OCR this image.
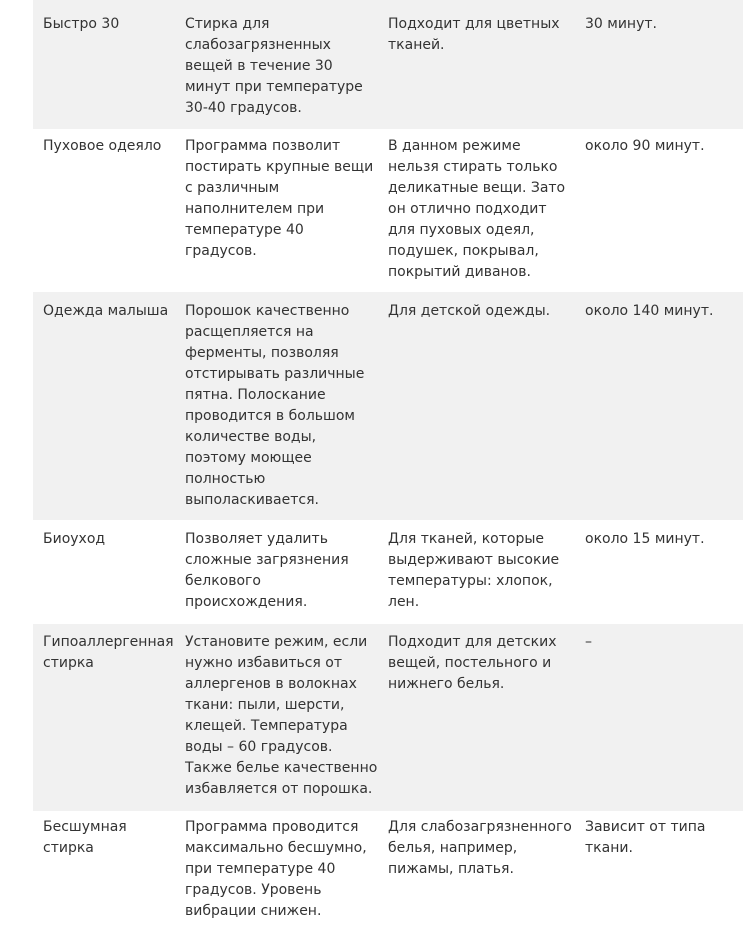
Быстро 30	Стирка для слабозагрязненных вещей в течение 30 минут при температуре 30-40 градусов.	Подходит для цветных тканей.	30 минут.
Пуховое одеяло	Программа позволит постирать крупные вещи с различным наполнителем при температуре 40 градусов.	В данном режиме нельзя стирать только деликатные вещи. Зато он отлично подходит для пуховых одеял, подушек, покрывал, покрытий диванов.	около 90 минут.
Одежда малыша	Порошок качественно расщепляется на ферменты, позволяя отстирывать различные пятна. Полоскание проводится в большом количестве воды, поэтому моющее полностью выполаскивается.	Для детской одежды.	около 140 минут.
Биоуход	Позволяет удалить сложные загрязнения белкового происхождения.	Для тканей, которые выдерживают высокие температуры: хлопок, лен.	около 15 минут.
Гипоаллергенная стирка	Установите режим, если нужно избавиться от аллергенов в волокнах ткани: пыли, шерсти, клещей. Температура воды – 60 градусов. Также белье качественно избавляется от порошка.	Подходит для детских вещей, постельного и нижнего белья.	–
Бесшумная стирка	Программа проводится максимально бесшумно, при температуре 40 градусов. Уровень вибрации снижен.	Для слабозагрязненного белья, например, пижамы, платья.	Зависит от типа ткани.
